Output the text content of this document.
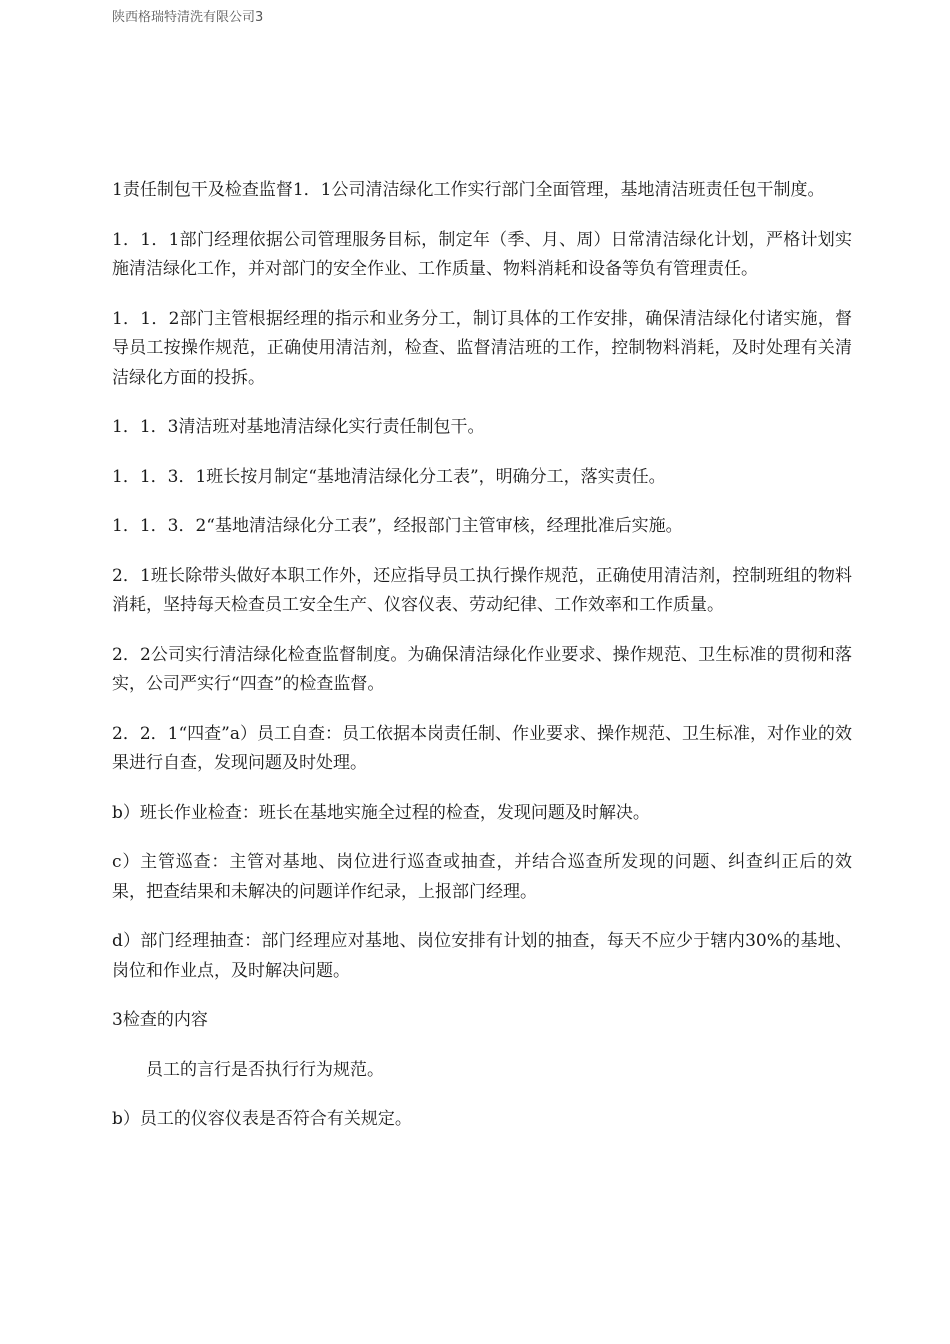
陕西格瑞特清洗有限公司3

1责任制包干及检查监督1．1公司清洁绿化工作实行部门全面管理，基地清洁班责任包干制度。

1．1．1部门经理依据公司管理服务目标，制定年（季、月、周）日常清洁绿化计划，严格计划实施清洁绿化工作，并对部门的安全作业、工作质量、物料消耗和设备等负有管理责任。

1．1．2部门主管根据经理的指示和业务分工，制订具体的工作安排，确保清洁绿化付诸实施，督导员工按操作规范，正确使用清洁剂，检查、监督清洁班的工作，控制物料消耗，及时处理有关清洁绿化方面的投拆。

1．1．3清洁班对基地清洁绿化实行责任制包干。

1．1．3．1班长按月制定“基地清洁绿化分工表”，明确分工，落实责任。

1．1．3．2“基地清洁绿化分工表”，经报部门主管审核，经理批准后实施。

2．1班长除带头做好本职工作外，还应指导员工执行操作规范，正确使用清洁剂，控制班组的物料消耗，坚持每天检查员工安全生产、仪容仪表、劳动纪律、工作效率和工作质量。

2．2公司实行清洁绿化检查监督制度。为确保清洁绿化作业要求、操作规范、卫生标准的贯彻和落实，公司严实行“四查”的检查监督。

2．2．1“四查”a）员工自查：员工依据本岗责任制、作业要求、操作规范、卫生标准，对作业的效果进行自查，发现问题及时处理。

b）班长作业检查：班长在基地实施全过程的检查，发现问题及时解决。

c）主管巡查：主管对基地、岗位进行巡查或抽查，并结合巡查所发现的问题、纠查纠正后的效果，把查结果和未解决的问题详作纪录，上报部门经理。

d）部门经理抽查：部门经理应对基地、岗位安排有计划的抽查，每天不应少于辖内30%的基地、岗位和作业点，及时解决问题。

3检查的内容

员工的言行是否执行行为规范。

b）员工的仪容仪表是否符合有关规定。
